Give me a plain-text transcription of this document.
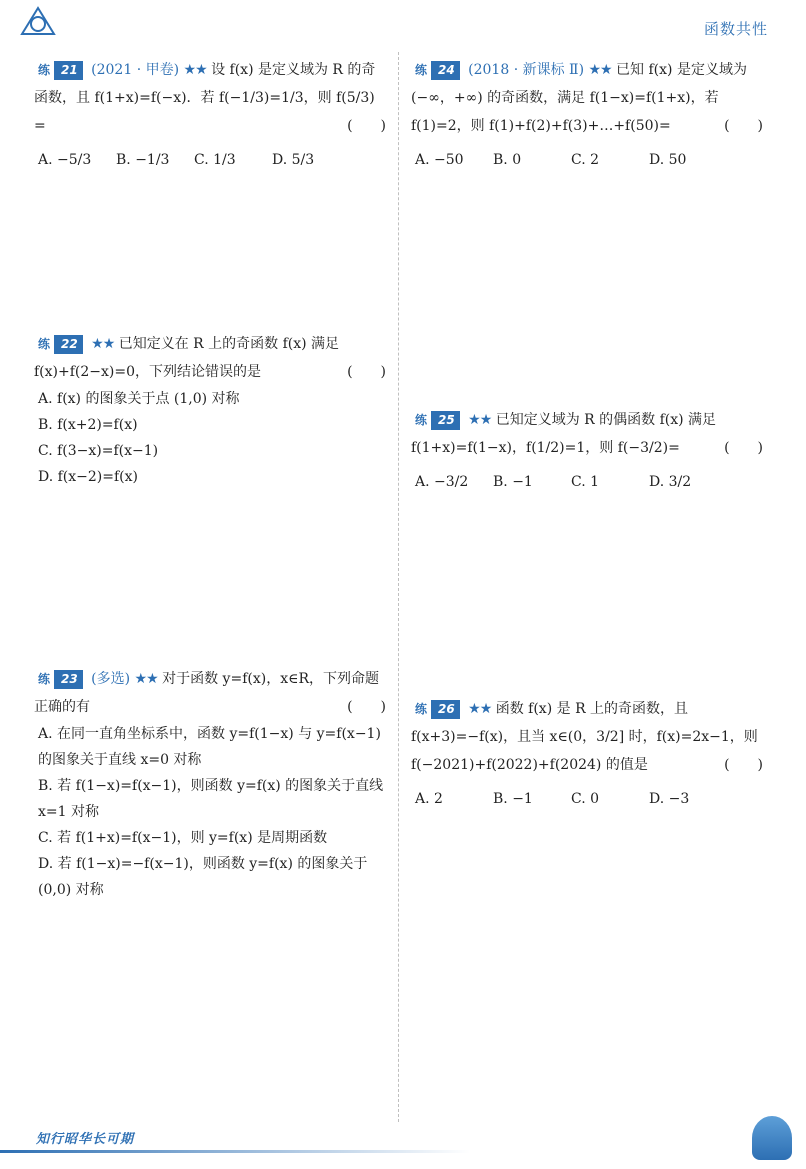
函数共性
练 21 (2021 · 甲卷) ★★ 设 f(x) 是定义域为 R 的奇函数，且 f(1+x)=f(−x)．若 f(−1/3)=1/3，则 f(5/3) =	(　　)
A. −5/3	B. −1/3	C. 1/3	D. 5/3
练 22 ★★ 已知定义在 R 上的奇函数 f(x) 满足 f(x)+f(2−x)=0，下列结论错误的是	(　　)
A. f(x) 的图象关于点 (1,0) 对称
B. f(x+2)=f(x)
C. f(3−x)=f(x−1)
D. f(x−2)=f(x)
练 23 (多选) ★★ 对于函数 y=f(x)，x∈R，下列命题正确的有	(　　)
A. 在同一直角坐标系中，函数 y=f(1−x) 与 y=f(x−1) 的图象关于直线 x=0 对称
B. 若 f(1−x)=f(x−1)，则函数 y=f(x) 的图象关于直线 x=1 对称
C. 若 f(1+x)=f(x−1)，则 y=f(x) 是周期函数
D. 若 f(1−x)=−f(x−1)，则函数 y=f(x) 的图象关于 (0,0) 对称
练 24 (2018 · 新课标 Ⅱ) ★★ 已知 f(x) 是定义域为 (−∞，+∞) 的奇函数，满足 f(1−x)=f(1+x)，若 f(1)=2，则 f(1)+f(2)+f(3)+…+f(50)=	(　　)
A. −50	B. 0	C. 2	D. 50
练 25 ★★ 已知定义域为 R 的偶函数 f(x) 满足 f(1+x)=f(1−x)，f(1/2)=1，则 f(−3/2)=	(　　)
A. −3/2	B. −1	C. 1	D. 3/2
练 26 ★★ 函数 f(x) 是 R 上的奇函数，且 f(x+3)=−f(x)，且当 x∈(0，3/2] 时，f(x)=2x−1，则 f(−2021)+f(2022)+f(2024) 的值是	(　　)
A. 2	B. −1	C. 0	D. −3
知行昭华长可期
